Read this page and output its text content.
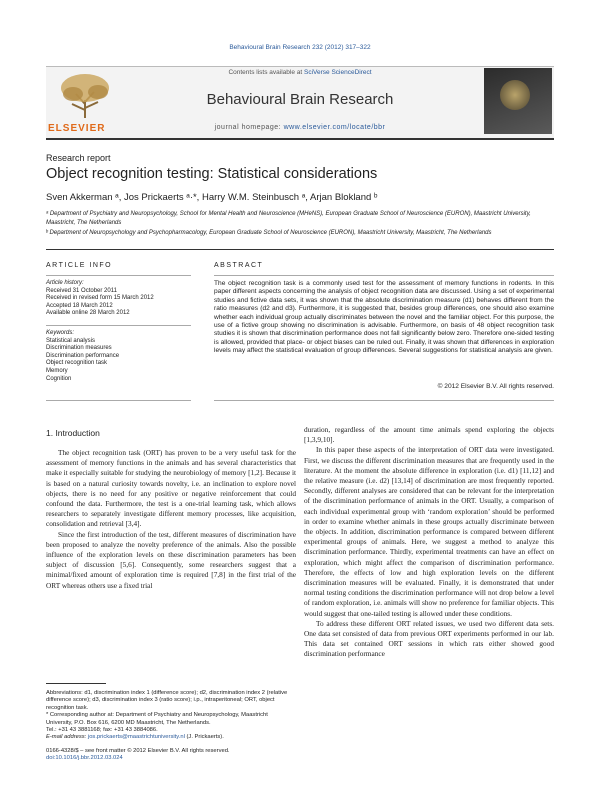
Behavioural Brain Research 232 (2012) 317–322
ELSEVIER
Contents lists available at SciVerse ScienceDirect
Behavioural Brain Research
journal homepage: www.elsevier.com/locate/bbr
Research report
Object recognition testing: Statistical considerations
Sven Akkerman ᵃ, Jos Prickaerts ᵃ·*, Harry W.M. Steinbusch ᵃ, Arjan Blokland ᵇ
ᵃ Department of Psychiatry and Neuropsychology, School for Mental Health and Neuroscience (MHeNS), European Graduate School of Neuroscience (EURON), Maastricht University, Maastricht, The Netherlands
ᵇ Department of Neuropsychology and Psychopharmacology, European Graduate School of Neuroscience (EURON), Maastricht University, Maastricht, The Netherlands
ARTICLE INFO
Article history:
Received 31 October 2011
Received in revised form 15 March 2012
Accepted 18 March 2012
Available online 28 March 2012
Keywords:
Statistical analysis
Discrimination measures
Discrimination performance
Object recognition task
Memory
Cognition
ABSTRACT
The object recognition task is a commonly used test for the assessment of memory functions in rodents. In this paper different aspects concerning the analysis of object recognition data are discussed. Using a set of experimental studies and fictive data sets, it was shown that the absolute discrimination measure (d1) behaves different from the ratio measures (d2 and d3). Furthermore, it is suggested that, besides group differences, one should also examine whether each individual group actually discriminates between the novel and the familiar object. For this purpose, the use of a fictive group showing no discrimination is advisable. Furthermore, on basis of 48 object recognition task studies it is shown that discrimination performance does not fall significantly below zero. Therefore one-sided testing is allowed, provided that place- or object biases can be ruled out. Finally, it was shown that differences in exploration levels may affect the statistical evaluation of group differences. Several suggestions for statistical analysis are given.
© 2012 Elsevier B.V. All rights reserved.
1. Introduction

The object recognition task (ORT) has proven to be a very useful task for the assessment of memory functions in the animals and has several characteristics that make it especially suitable for studying the neurobiology of memory [1,2]. Because it is based on a natural curiosity towards novelty, i.e. an inclination to explore novel objects, there is no need for any positive or negative reinforcement that could confound the data. Furthermore, the test is a one-trial learning task, which allows researchers to separately investigate different memory processes, like acquisition, consolidation and retrieval [3,4].

Since the first introduction of the test, different measures of discrimination have been proposed to analyze the novelty preference of the animals. Also the possible influence of the exploration levels on these discrimination parameters has been subject of discussion [5,6]. Consequently, some researchers suggest that a minimal/fixed amount of exploration time is required [7,8] in the first trial of the ORT whereas others use a fixed trial

duration, regardless of the amount time animals spend exploring the objects [1,3,9,10].

In this paper these aspects of the interpretation of ORT data were investigated. First, we discuss the different discrimination measures that are frequently used in the literature. At the moment the absolute difference in exploration (i.e. d1) [11,12] and the relative measure (i.e. d2) [13,14] of discrimination are most frequently reported. Secondly, different analyses are considered that can be relevant for the interpretation of the discrimination performance of animals in the ORT. Usually, a comparison of each individual experimental group with ‘random exploration’ should be performed in order to examine whether animals in these groups actually discriminate between the objects. In addition, discrimination performance is compared between different experimental groups of animals. Here, we suggest a method to analyze this discrimination performance. Thirdly, experimental treatments can have an effect on exploration, which might affect the comparison of discrimination performance. Therefore, the effects of low and high exploration levels on the different discrimination measures will be evaluated. Finally, it is demonstrated that under normal testing conditions the discrimination performance will not drop below a level of random exploration, i.e. animals will show no preference for familiar objects. This would suggest that one-tailed testing is allowed under these conditions.

To address these different ORT related issues, we used two different data sets. One data set consisted of data from previous ORT experiments performed in our lab. This data set contained ORT sessions in which rats either showed good discrimination performance

Abbreviations: d1, discrimination index 1 (difference score); d2, discrimination index 2 (relative difference score); d3, discrimination index 3 (ratio score); i.p., intraperitoneal; ORT, object recognition task.
* Corresponding author at: Department of Psychiatry and Neuropsychology, Maastricht University, P.O. Box 616, 6200 MD Maastricht, The Netherlands.
Tel.: +31 43 3881168; fax: +31 43 3884086.
E-mail address: jos.prickaerts@maastrichtuniversity.nl (J. Prickaerts).
0166-4328/$ – see front matter © 2012 Elsevier B.V. All rights reserved.
doi:10.1016/j.bbr.2012.03.024
